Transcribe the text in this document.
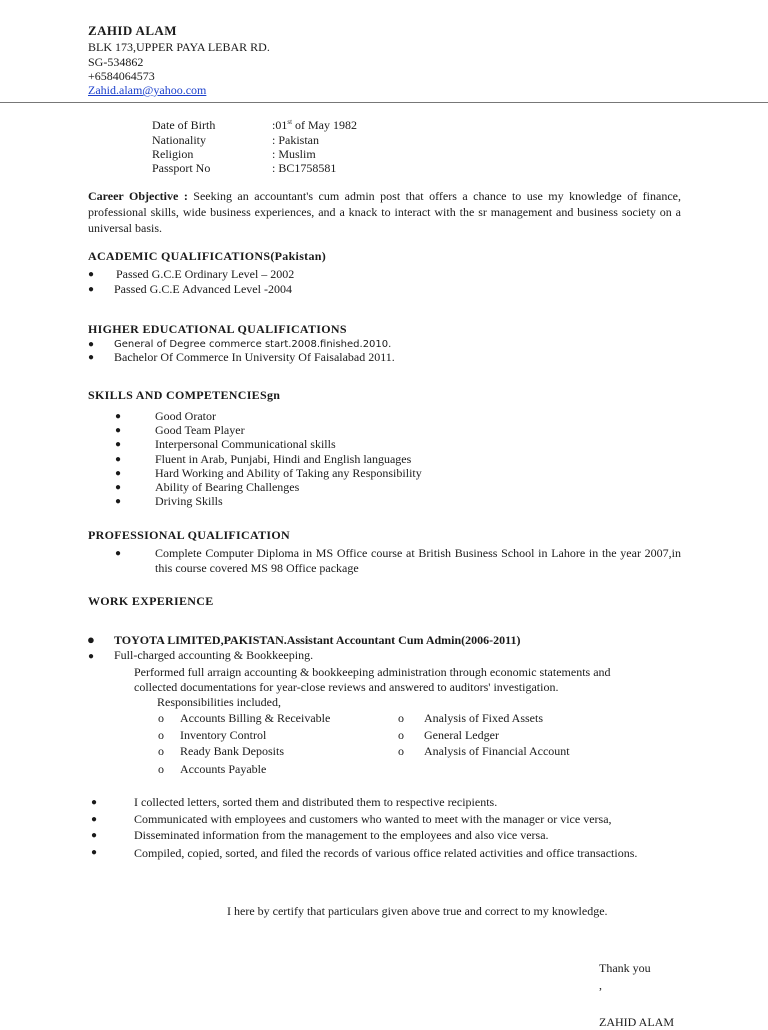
ZAHID ALAM
BLK 173,UPPER PAYA LEBAR RD.
SG-534862
+6584064573
Zahid.alam@yahoo.com
Date of Birth	:01st of May 1982
Nationality	: Pakistan
Religion	: Muslim
Passport No	: BC1758581
Career Objective : Seeking an accountant's cum admin post that offers a chance to use my knowledge of finance, professional skills, wide business experiences, and a knack to interact with the sr management and business society on a universal basis.
ACADEMIC QUALIFICATIONS(Pakistan)
● Passed G.C.E Ordinary Level – 2002
● Passed G.C.E Advanced Level -2004
HIGHER EDUCATIONAL QUALIFICATIONS
● General of Degree commerce start.2008.finished.2010.
● Bachelor Of Commerce In University Of Faisalabad 2011.
SKILLS AND COMPETENCIESgn
●	Good Orator
●	Good Team Player
●	Interpersonal Communicational skills
●	Fluent in Arab, Punjabi, Hindi and English languages
●	Hard Working and Ability of Taking any Responsibility
●	Ability of Bearing Challenges
●	Driving Skills
PROFESSIONAL QUALIFICATION
●	Complete Computer Diploma in MS Office course at British Business School in Lahore in the year 2007,in this course covered MS 98 Office package
WORK EXPERIENCE
● TOYOTA LIMITED,PAKISTAN.Assistant Accountant Cum Admin(2006-2011)
● Full-charged accounting & Bookkeeping.
Performed full arraign accounting & bookkeeping administration through economic statements and
collected documentations for year-close reviews and answered to auditors' investigation.
Responsibilities included,
o Accounts Billing & Receivable
o Inventory Control
o Ready Bank Deposits
o Accounts Payable
o Analysis of Fixed Assets
o General Ledger
o Analysis of Financial Account
●	I collected letters, sorted them and distributed them to respective recipients.
●	Communicated with employees and customers who wanted to meet with the manager or vice versa,
●	Disseminated information from the management to the employees and also vice versa.
●	Compiled, copied, sorted, and filed the records of various office related activities and office transactions.
I here by certify that particulars given above true and correct to my knowledge.
Thank you
,
ZAHID ALAM
